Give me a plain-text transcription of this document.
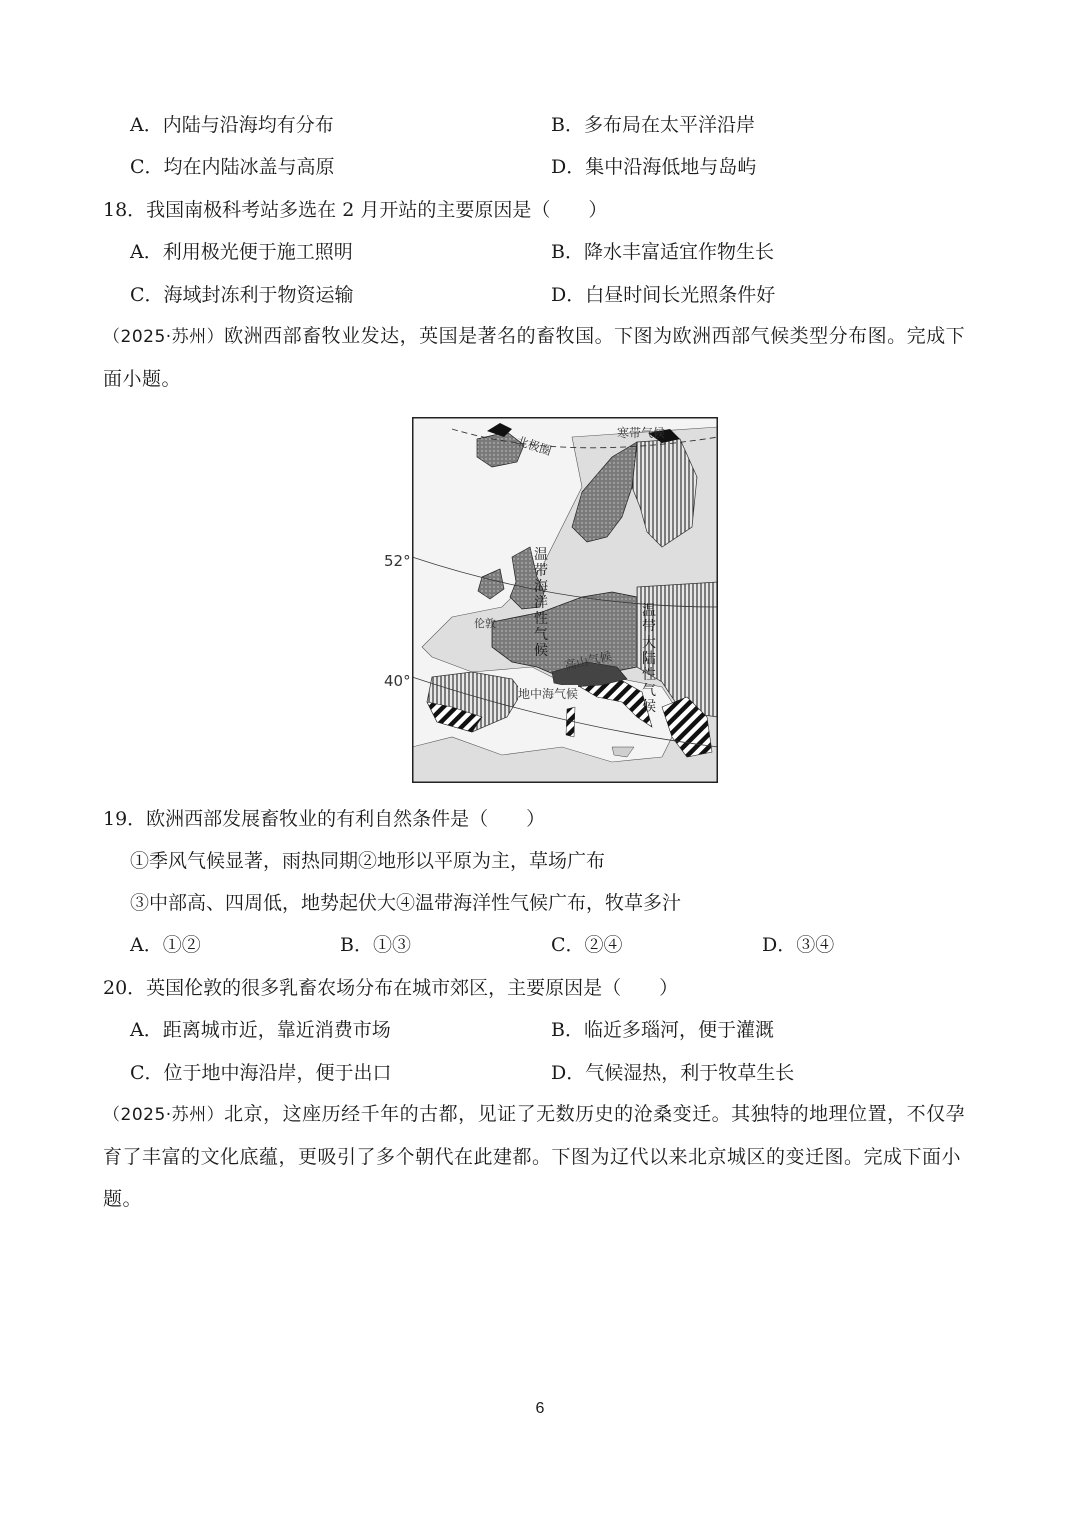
A．内陆与沿海均有分布	B．多布局在太平洋沿岸
C．均在内陆冰盖与高原	D．集中沿海低地与岛屿
18．我国南极科考站多选在 2 月开站的主要原因是（　　）
A．利用极光便于施工照明	B．降水丰富适宜作物生长
C．海域封冻利于物资运输	D．白昼时间长光照条件好
（2025·苏州）欧洲西部畜牧业发达，英国是著名的畜牧国。下图为欧洲西部气候类型分布图。完成下面小题。
北极圈
寒带气候
伦敦
温带海洋性气候
温带大陆性气候
高山气候
地中海气候
52°
40°
19．欧洲西部发展畜牧业的有利自然条件是（　　）
①季风气候显著，雨热同期②地形以平原为主，草场广布
③中部高、四周低，地势起伏大④温带海洋性气候广布，牧草多汁
A．①②	B．①③	C．②④	D．③④
20．英国伦敦的很多乳畜农场分布在城市郊区，主要原因是（　　）
A．距离城市近，靠近消费市场	B．临近多瑙河，便于灌溉
C．位于地中海沿岸，便于出口	D．气候湿热，利于牧草生长
（2025·苏州）北京，这座历经千年的古都，见证了无数历史的沧桑变迁。其独特的地理位置，不仅孕育了丰富的文化底蕴，更吸引了多个朝代在此建都。下图为辽代以来北京城区的变迁图。完成下面小题。
6
